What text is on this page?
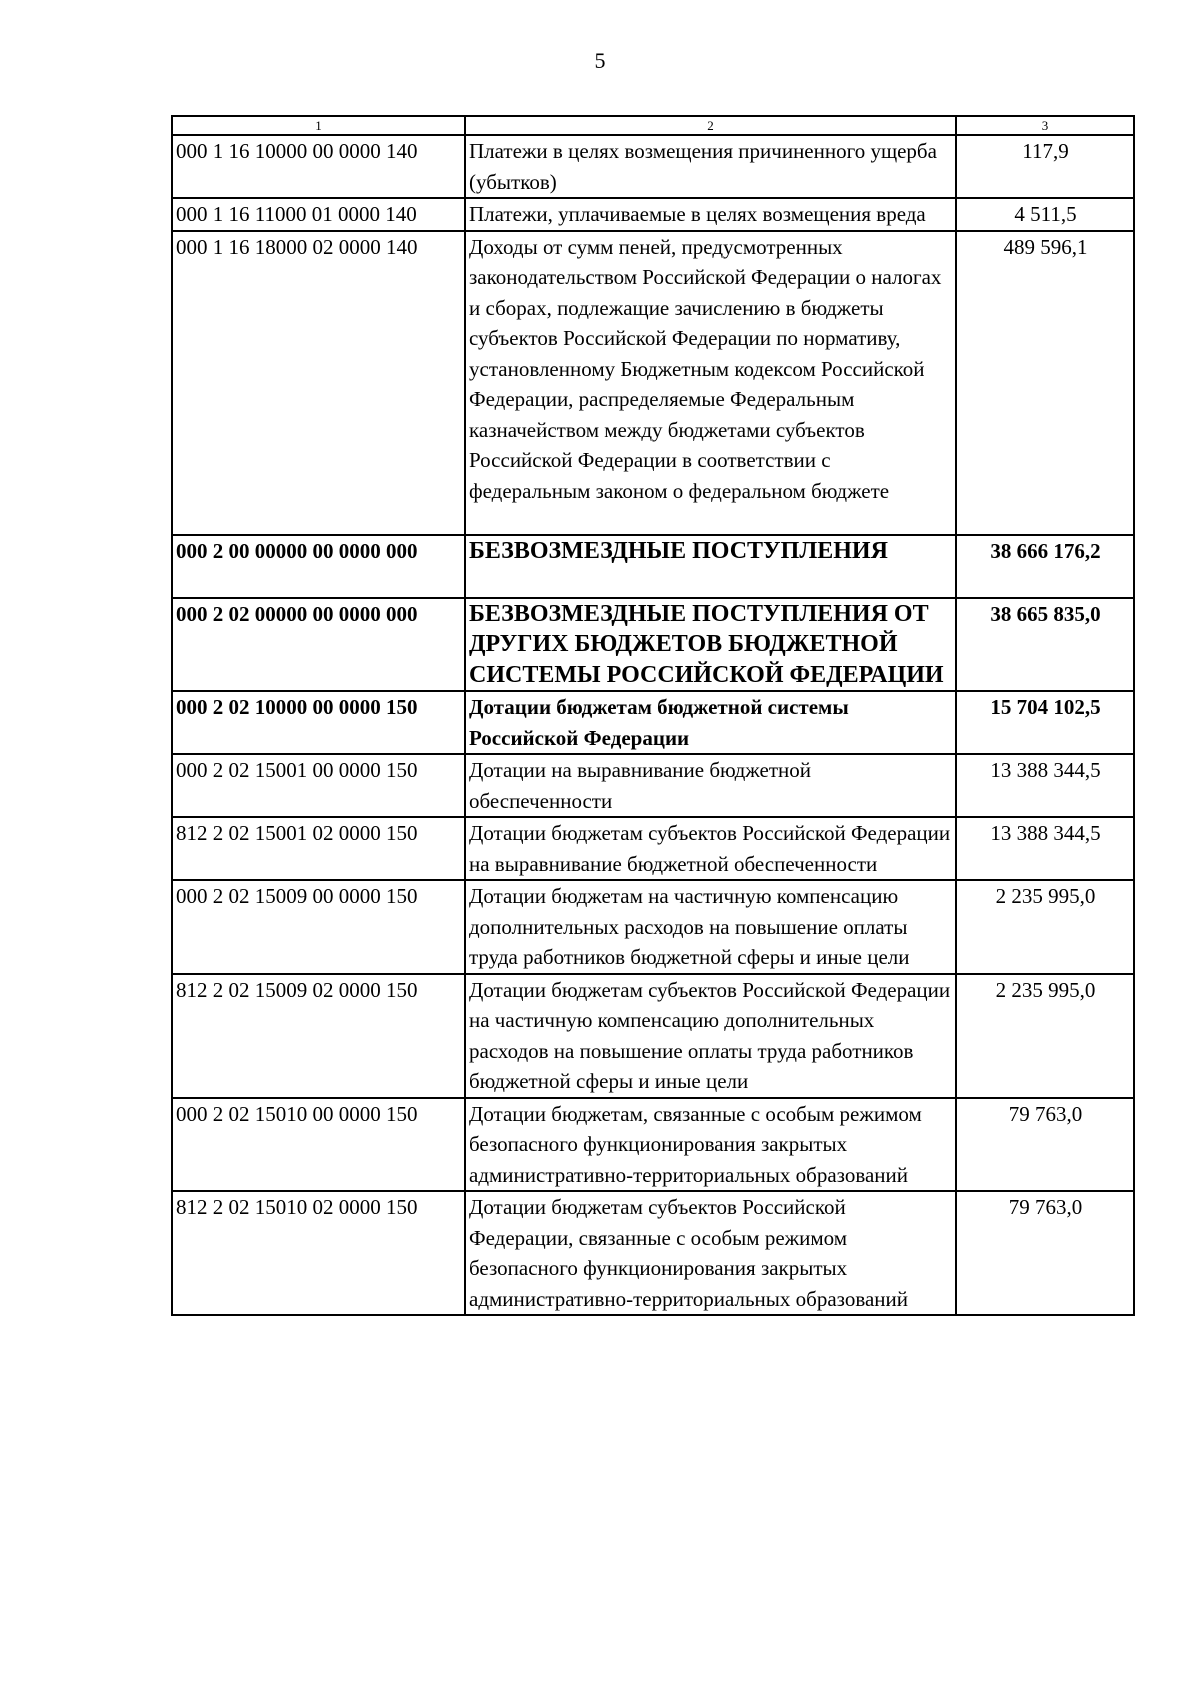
5
1	2	3
000 1 16 10000 00 0000 140	Платежи в целях возмещения причиненного ущерба (убытков)	117,9
000 1 16 11000 01 0000 140	Платежи, уплачиваемые в целях возмещения вреда	4 511,5
000 1 16 18000 02 0000 140	Доходы от сумм пеней, предусмотренных законодательством Российской Федерации о налогах и сборах, подлежащие зачислению в бюджеты субъектов Российской Федерации по нормативу, установленному Бюджетным кодексом Российской Федерации, распределяемые Федеральным казначейством между бюджетами субъектов Российской Федерации в соответствии с федеральным законом о федеральном бюджете	489 596,1
000 2 00 00000 00 0000 000	БЕЗВОЗМЕЗДНЫЕ ПОСТУПЛЕНИЯ	38 666 176,2
000 2 02 00000 00 0000 000	БЕЗВОЗМЕЗДНЫЕ ПОСТУПЛЕНИЯ ОТ ДРУГИХ БЮДЖЕТОВ БЮДЖЕТНОЙ СИСТЕМЫ РОССИЙСКОЙ ФЕДЕРАЦИИ	38 665 835,0
000 2 02 10000 00 0000 150	Дотации бюджетам бюджетной системы Российской Федерации	15 704 102,5
000 2 02 15001 00 0000 150	Дотации на выравнивание бюджетной обеспеченности	13 388 344,5
812 2 02 15001 02 0000 150	Дотации бюджетам субъектов Российской Федерации на выравнивание бюджетной обеспеченности	13 388 344,5
000 2 02 15009 00 0000 150	Дотации бюджетам на частичную компенсацию дополнительных расходов на повышение оплаты труда работников бюджетной сферы и иные цели	2 235 995,0
812 2 02 15009 02 0000 150	Дотации бюджетам субъектов Российской Федерации на частичную компенсацию дополнительных расходов на повышение оплаты труда работников бюджетной сферы и иные цели	2 235 995,0
000 2 02 15010 00 0000 150	Дотации бюджетам, связанные с особым режимом безопасного функционирования закрытых административно-территориальных образований	79 763,0
812 2 02 15010 02 0000 150	Дотации бюджетам субъектов Российской Федерации, связанные с особым режимом безопасного функционирования закрытых административно-территориальных образований	79 763,0
